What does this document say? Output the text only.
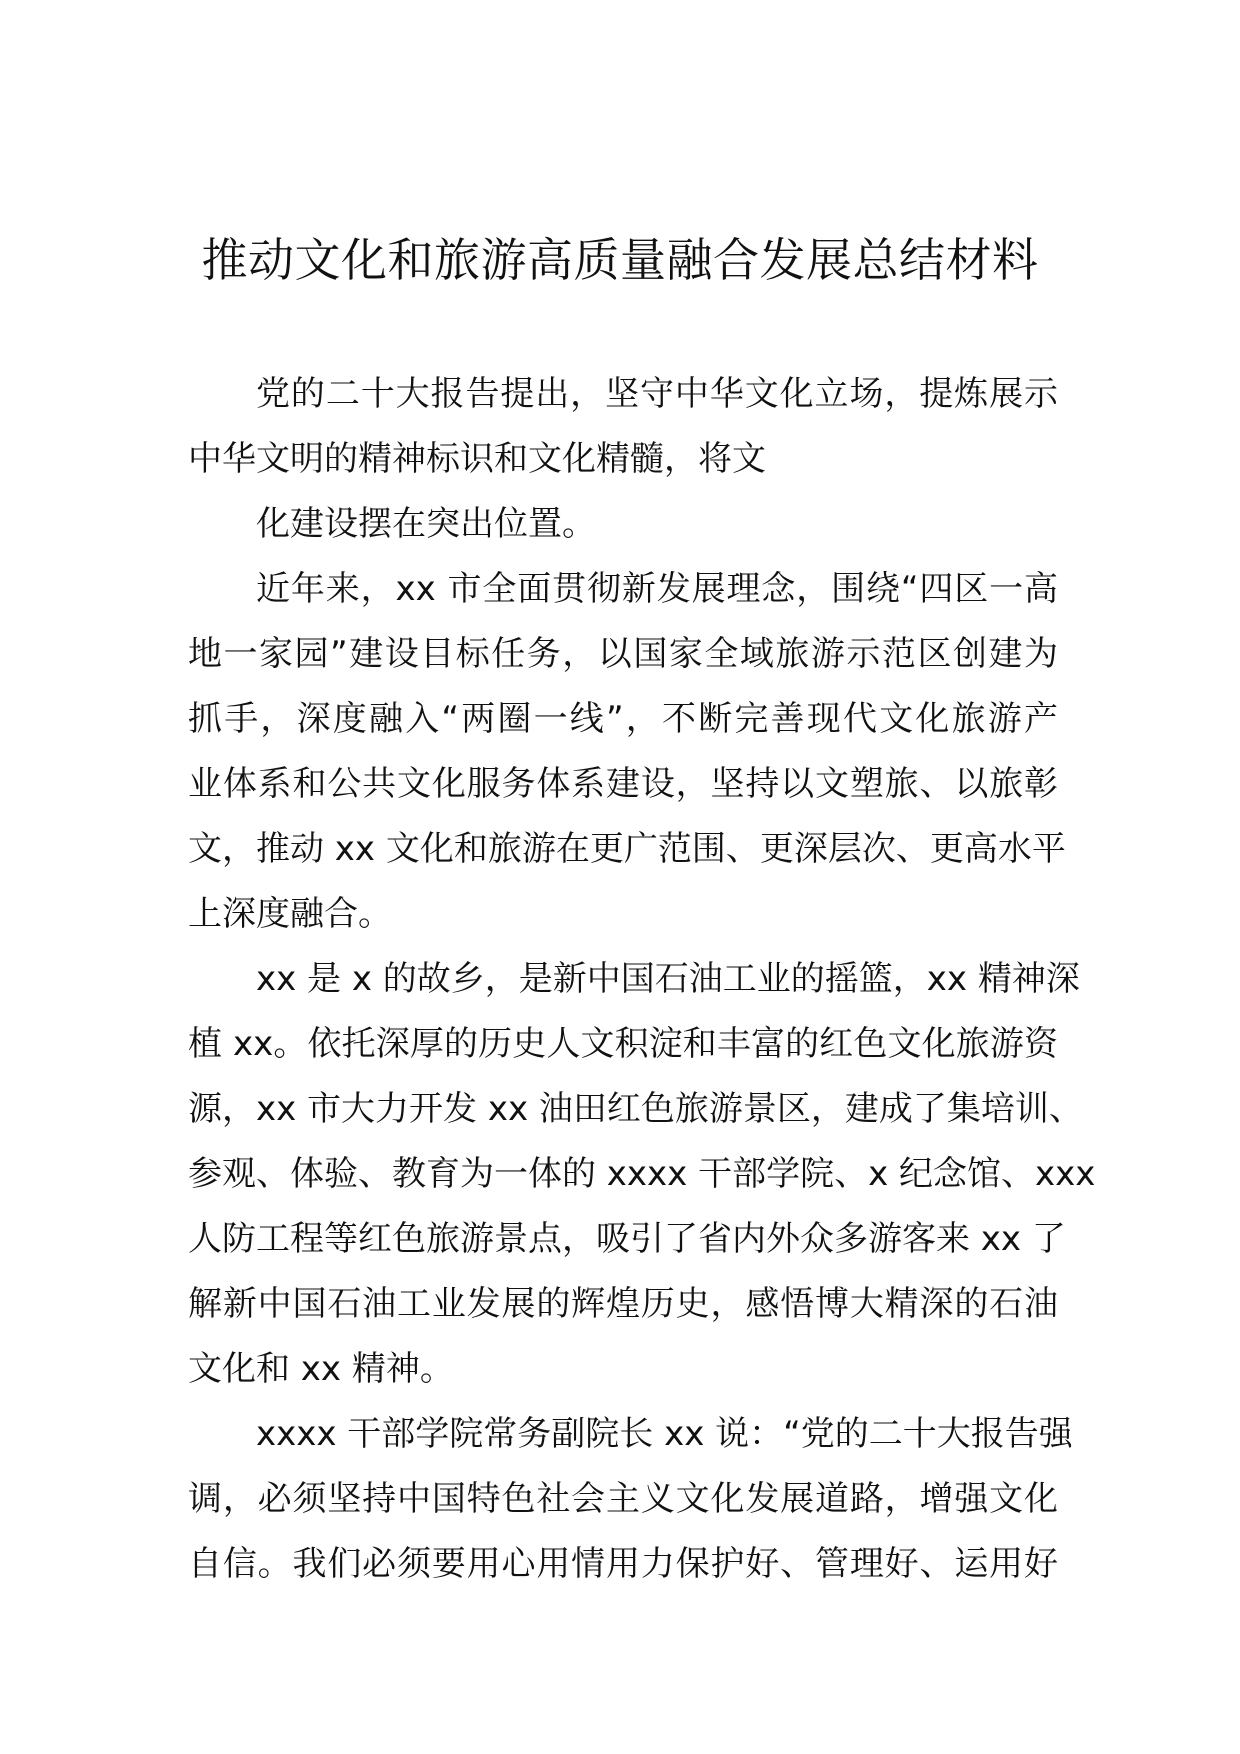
推动文化和旅游高质量融合发展总结材料

党的二十大报告提出，坚守中华文化立场，提炼展示
中华文明的精神标识和文化精髓，将文

化建设摆在突出位置。

近年来，xx 市全面贯彻新发展理念，围绕“四区一高
地一家园”建设目标任务，以国家全域旅游示范区创建为
抓手，深度融入“两圈一线”，不断完善现代文化旅游产
业体系和公共文化服务体系建设，坚持以文塑旅、以旅彰
文，推动 xx 文化和旅游在更广范围、更深层次、更高水平
上深度融合。

xx 是 x 的故乡，是新中国石油工业的摇篮，xx 精神深
植 xx。依托深厚的历史人文积淀和丰富的红色文化旅游资
源，xx 市大力开发 xx 油田红色旅游景区，建成了集培训、
参观、体验、教育为一体的 xxxx 干部学院、x 纪念馆、xxx
人防工程等红色旅游景点，吸引了省内外众多游客来 xx 了
解新中国石油工业发展的辉煌历史，感悟博大精深的石油
文化和 xx 精神。

xxxx 干部学院常务副院长 xx 说：“党的二十大报告强
调，必须坚持中国特色社会主义文化发展道路，增强文化
自信。我们必须要用心用情用力保护好、管理好、运用好
